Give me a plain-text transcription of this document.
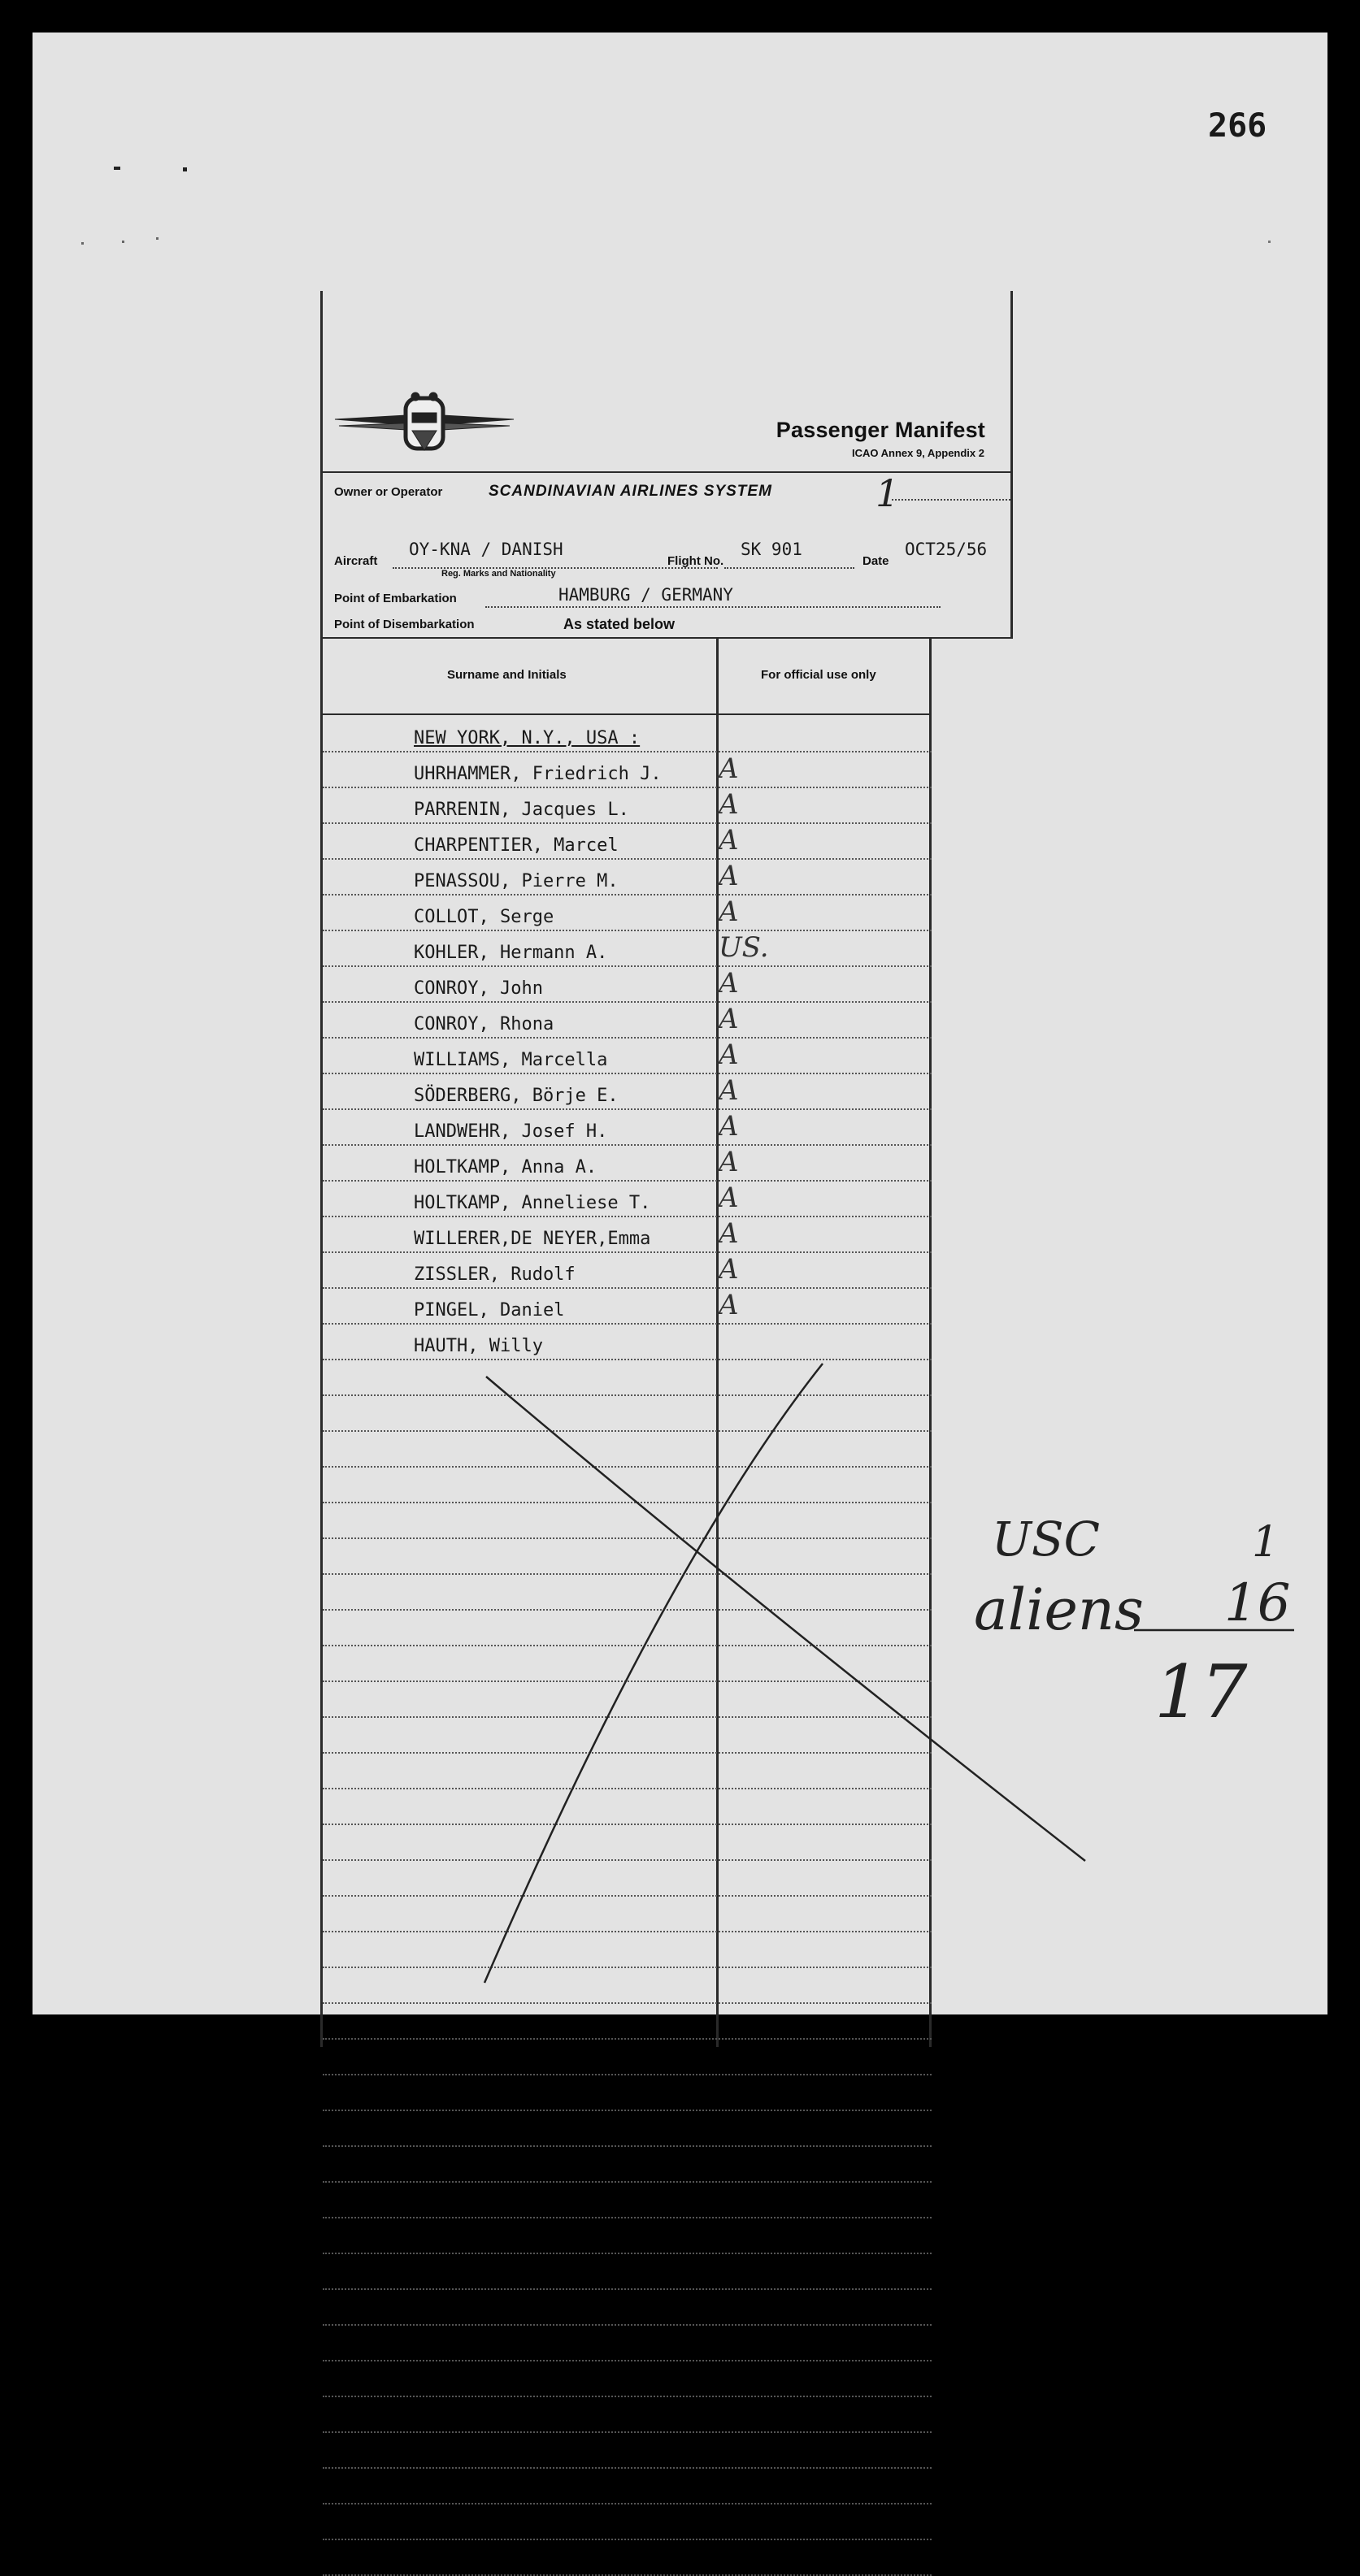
266
Passenger Manifest
ICAO Annex 9, Appendix 2
Owner or Operator	SCANDINAVIAN AIRLINES SYSTEM	1
Aircraft
OY-KNA / DANISH
Reg. Marks and Nationality
Flight No.
SK 901
Date
OCT25/56
Point of Embarkation	HAMBURG / GERMANY
Point of Disembarkation	As stated below
Surname and Initials	For official use only
NEW YORK, N.Y., USA :
UHRHAMMER, Friedrich J. A
PARRENIN, Jacques L.	A
CHARPENTIER, Marcel	A
PENASSOU, Pierre M.	A
COLLOT, Serge	A
KOHLER, Hermann A.	US.
CONROY, John	A
CONROY, Rhona	A
WILLIAMS, Marcella	A
SÖDERBERG, Börje E.	A
LANDWEHR, Josef H.	A
HOLTKAMP, Anna A.	A
HOLTKAMP, Anneliese T. A
WILLERER,DE NEYER,Emma A
ZISSLER, Rudolf	A
PINGEL, Daniel	A
HAUTH, Willy
USC	1
aliens 16
17
